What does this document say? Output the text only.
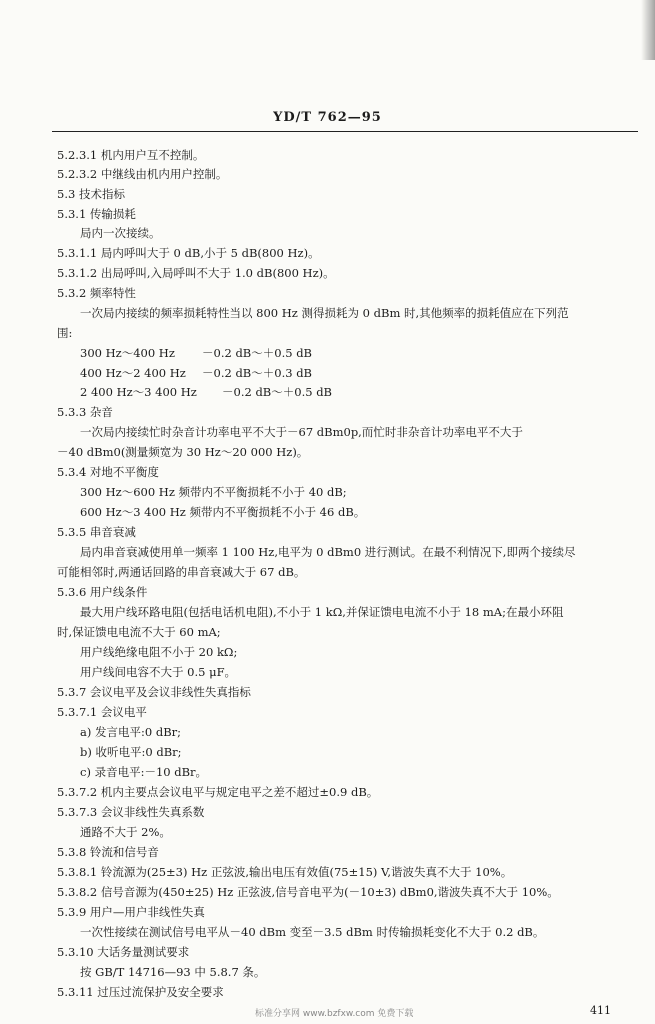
YD/T 762—95
5.2.3.1 机内用户互不控制。
5.2.3.2 中继线由机内用户控制。
5.3 技术指标
5.3.1 传输损耗
局内一次接续。
5.3.1.1 局内呼叫大于 0 dB,小于 5 dB(800 Hz)。
5.3.1.2 出局呼叫,入局呼叫不大于 1.0 dB(800 Hz)。
5.3.2 频率特性
一次局内接续的频率损耗特性当以 800 Hz 测得损耗为 0 dBm 时,其他频率的损耗值应在下列范
围:
300 Hz～400 Hz －0.2 dB～＋0.5 dB
400 Hz～2 400 Hz －0.2 dB～＋0.3 dB
2 400 Hz～3 400 Hz －0.2 dB～＋0.5 dB
5.3.3 杂音
一次局内接续忙时杂音计功率电平不大于－67 dBm0p,而忙时非杂音计功率电平不大于
－40 dBm0(测量频宽为 30 Hz～20 000 Hz)。
5.3.4 对地不平衡度
300 Hz～600 Hz 频带内不平衡损耗不小于 40 dB;
600 Hz～3 400 Hz 频带内不平衡损耗不小于 46 dB。
5.3.5 串音衰减
局内串音衰减使用单一频率 1 100 Hz,电平为 0 dBm0 进行测试。在最不利情况下,即两个接续尽
可能相邻时,两通话回路的串音衰减大于 67 dB。
5.3.6 用户线条件
最大用户线环路电阻(包括电话机电阻),不小于 1 kΩ,并保证馈电电流不小于 18 mA;在最小环阻
时,保证馈电电流不大于 60 mA;
用户线绝缘电阻不小于 20 kΩ;
用户线间电容不大于 0.5 μF。
5.3.7 会议电平及会议非线性失真指标
5.3.7.1 会议电平
a) 发言电平:0 dBr;
b) 收听电平:0 dBr;
c) 录音电平:－10 dBr。
5.3.7.2 机内主要点会议电平与规定电平之差不超过±0.9 dB。
5.3.7.3 会议非线性失真系数
通路不大于 2%。
5.3.8 铃流和信号音
5.3.8.1 铃流源为(25±3) Hz 正弦波,输出电压有效值(75±15) V,谐波失真不大于 10%。
5.3.8.2 信号音源为(450±25) Hz 正弦波,信号音电平为(－10±3) dBm0,谐波失真不大于 10%。
5.3.9 用户—用户非线性失真
一次性接续在测试信号电平从－40 dBm 变至－3.5 dBm 时传输损耗变化不大于 0.2 dB。
5.3.10 大话务量测试要求
按 GB/T 14716—93 中 5.8.7 条。
5.3.11 过压过流保护及安全要求
标准分享网 www.bzfxw.com 免费下载	411
